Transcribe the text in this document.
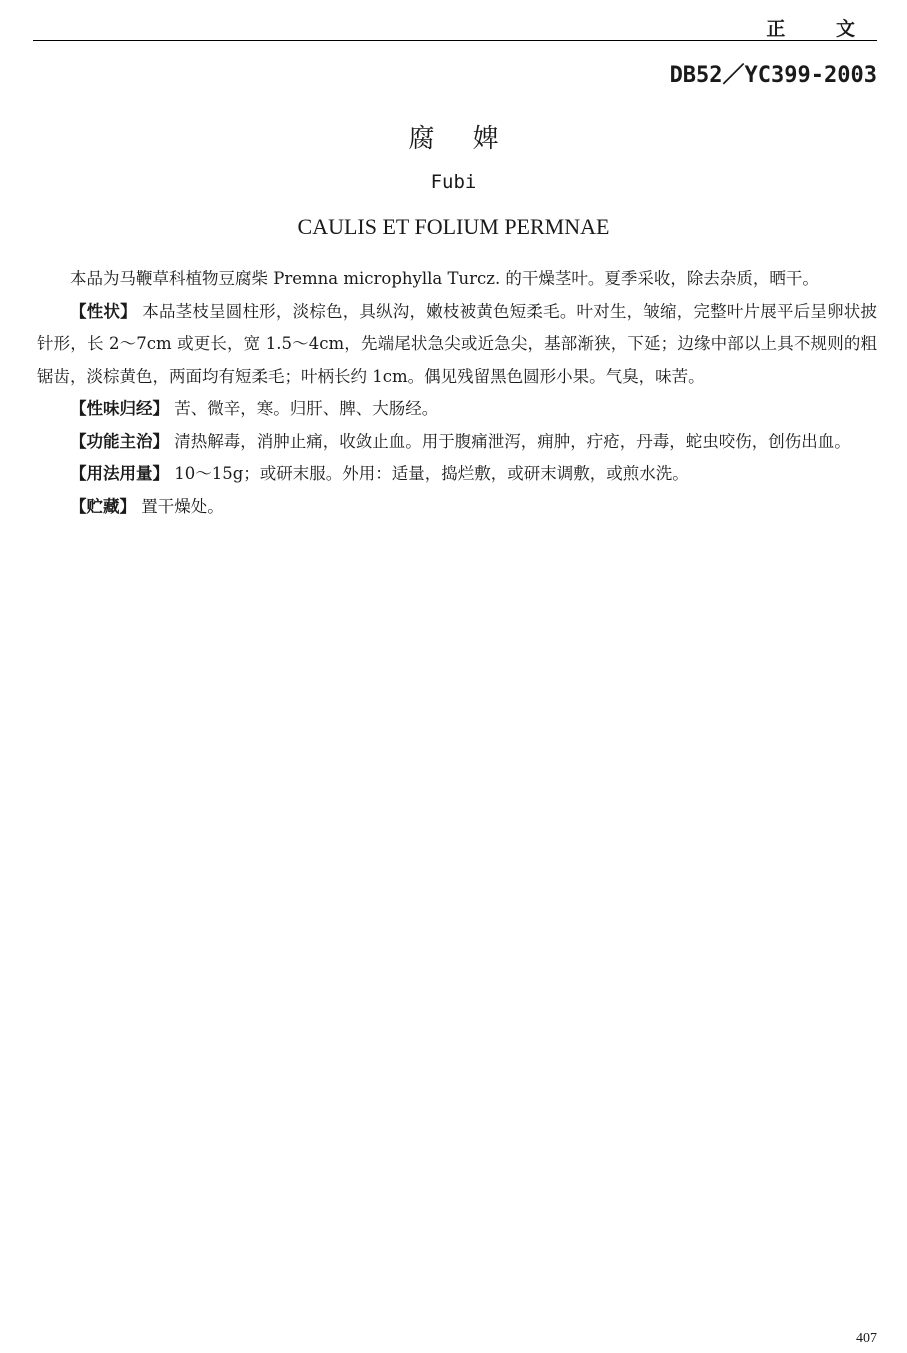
正 文
DB52／YC399-2003
腐婢
Fubi
CAULIS ET FOLIUM PERMNAE

本品为马鞭草科植物豆腐柴 Premna microphylla Turcz. 的干燥茎叶。夏季采收，除去杂质，晒干。

【性状】 本品茎枝呈圆柱形，淡棕色，具纵沟，嫩枝被黄色短柔毛。叶对生，皱缩，完整叶片展平后呈卵状披针形，长 2～7cm 或更长，宽 1.5～4cm，先端尾状急尖或近急尖，基部渐狭，下延；边缘中部以上具不规则的粗锯齿，淡棕黄色，两面均有短柔毛；叶柄长约 1cm。偶见残留黑色圆形小果。气臭，味苦。

【性味归经】 苦、微辛，寒。归肝、脾、大肠经。

【功能主治】 清热解毒，消肿止痛，收敛止血。用于腹痛泄泻，痈肿，疔疮，丹毒，蛇虫咬伤，创伤出血。

【用法用量】 10～15g；或研末服。外用：适量，捣烂敷，或研末调敷，或煎水洗。

【贮藏】 置干燥处。

407
